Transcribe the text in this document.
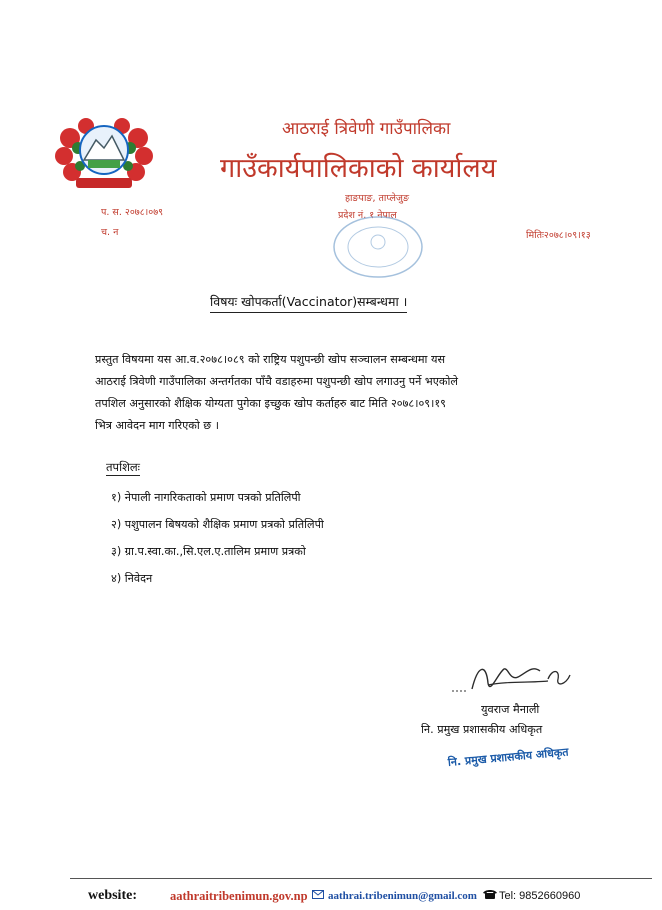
आठराई त्रिवेणी गाउँपालिका
गाउँकार्यपालिकाको कार्यालय
हाङपाङ, ताप्लेजुङ
प्रदेश नं. १ नेपाल
प. स. २०७८।०७९
च. न	मितिः२०७८।०९।१३
विषयः खोपकर्ता(Vaccinator)सम्बन्धमा ।
प्रस्तुत विषयमा यस आ.व.२०७८।०८९ को राष्ट्रिय पशुपन्छी खोप सञ्चालन सम्बन्धमा यस
आठराई त्रिवेणी गाउँपालिका अन्तर्गतका पाँचै वडाहरुमा पशुपन्छी खोप लगाउनु पर्ने भएकोले
तपशिल अनुसारको शैक्षिक योग्यता पुगेका इच्छुक खोप कर्ताहरु बाट मिति २०७८।०९।१९
भित्र आवेदन माग गरिएको छ ।
तपशिलः
१) नेपाली नागरिकताको प्रमाण पत्रको प्रतिलिपी
२) पशुपालन बिषयको शैक्षिक प्रमाण प्रत्रको प्रतिलिपी
३) ग्रा.प.स्वा.का.,सि.एल.ए.तालिम प्रमाण प्रत्रको
४) निवेदन
युवराज मैनाली
नि. प्रमुख प्रशासकीय अधिकृत
नि. प्रमुख प्रशासकीय अधिकृत
website:	aathraitribenimun.gov.np aathrai.tribenimun@gmail.com Tel: 9852660960
